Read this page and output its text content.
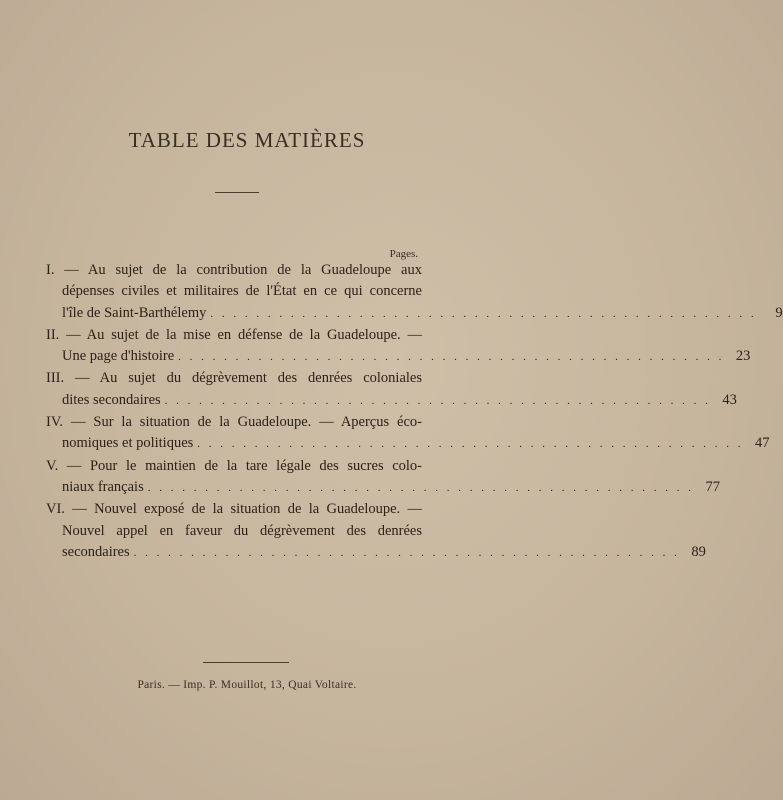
TABLE DES MATIÈRES
Pages.
I. — Au sujet de la contribution de la Guadeloupe aux
dépenses civiles et militaires de l'État en ce qui concerne
l'île de Saint-Barthélemy . . . . . . . . . . . . . . . . . . . . . . . . . . . . . . . . . . . . . . . . . . . . . . . .	9
II. — Au sujet de la mise en défense de la Guadeloupe. —
Une page d'histoire . . . . . . . . . . . . . . . . . . . . . . . . . . . . . . . . . . . . . . . . . . . . . . . . 23
III. — Au sujet du dégrèvement des denrées coloniales
dites secondaires . . . . . . . . . . . . . . . . . . . . . . . . . . . . . . . . . . . . . . . . . . . . . . . . 43
IV. — Sur la situation de la Guadeloupe. — Aperçus éco-
nomiques et politiques . . . . . . . . . . . . . . . . . . . . . . . . . . . . . . . . . . . . . . . . . . . . . . . . 47
V. — Pour le maintien de la tare légale des sucres colo-
niaux français . . . . . . . . . . . . . . . . . . . . . . . . . . . . . . . . . . . . . . . . . . . . . . . . 77
VI. — Nouvel exposé de la situation de la Guadeloupe. —
Nouvel appel en faveur du dégrèvement des denrées
secondaires . . . . . . . . . . . . . . . . . . . . . . . . . . . . . . . . . . . . . . . . . . . . . . . . 89
Paris. — Imp. P. Mouillot, 13, Quai Voltaire.
